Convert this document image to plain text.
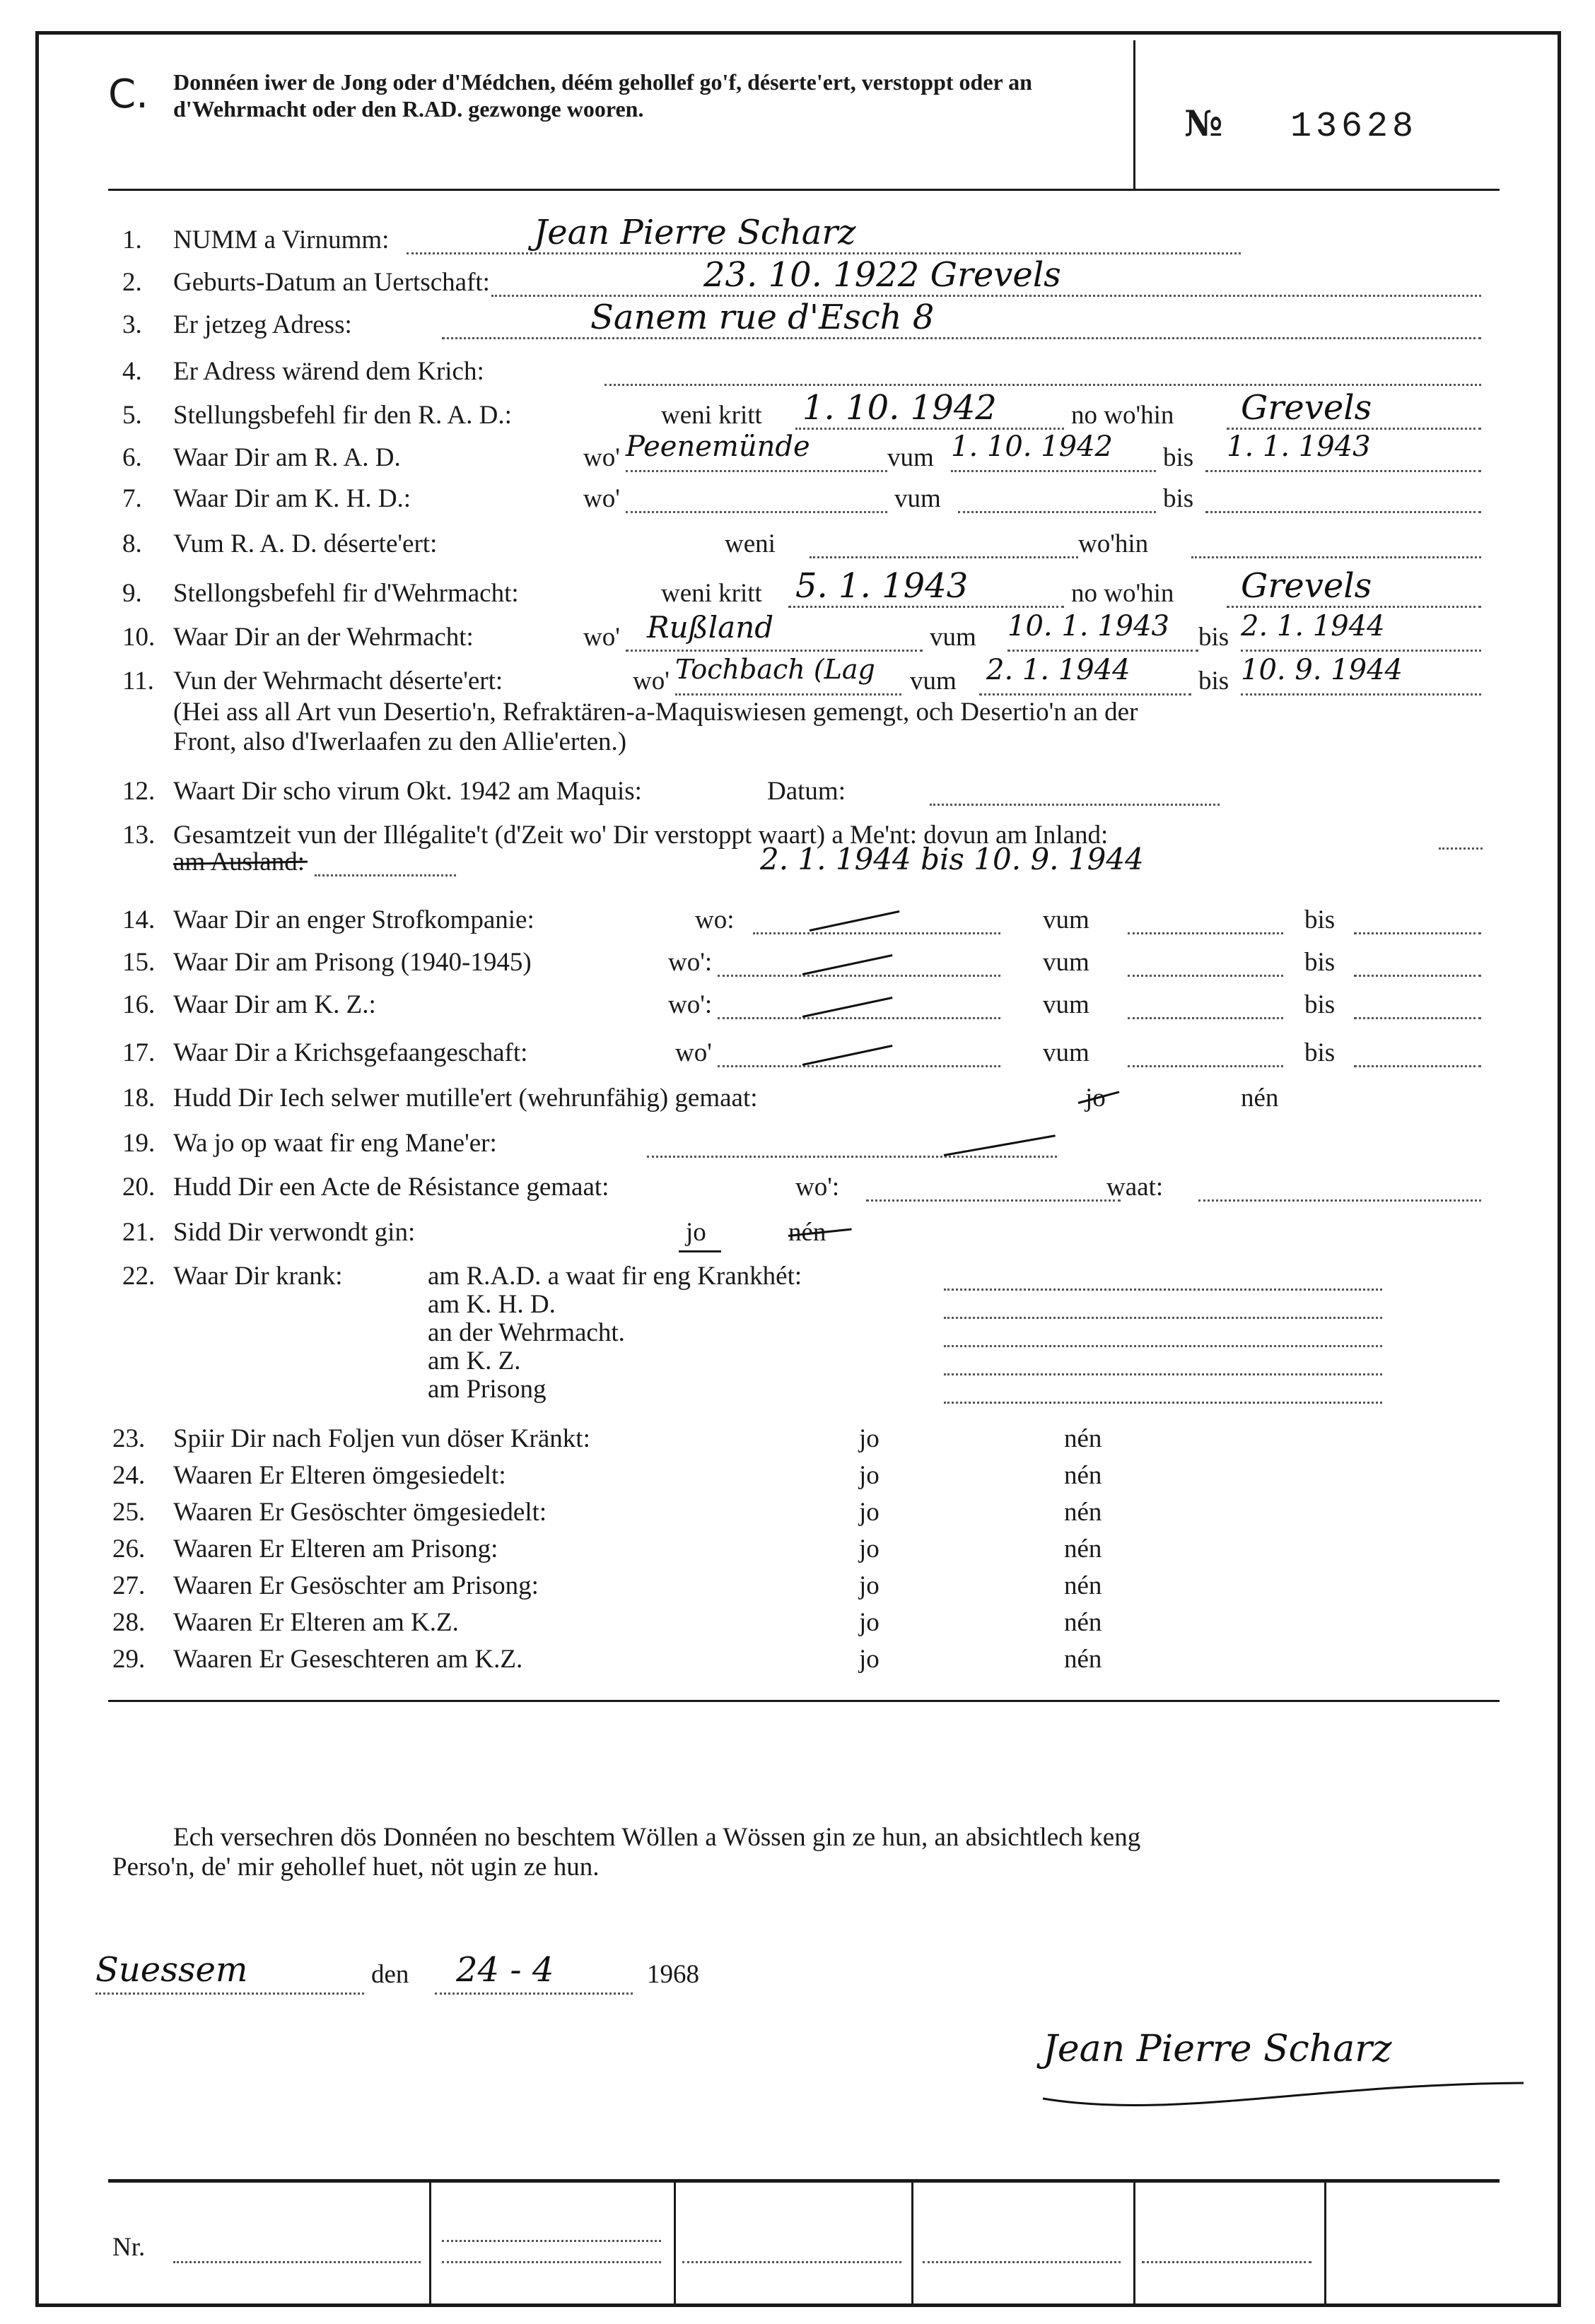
C. Donnéen iwer de Jong oder d'Médchen, déém gehollef go'f, déserte'ert, verstoppt oder an d'Wehrmacht oder den R.AD. gezwonge wooren.	№ 13628
1. NUMM a Virnumm:	Jean Pierre Scharz
2. Geburts-Datum an Uertschaft:	23. 10. 1922 Grevels
3. Er jetzeg Adress:	Sanem rue d'Esch 8
4. Er Adress wärend dem Krich:
5. Stellungsbefehl fir den R. A. D.:	weni kritt 1. 10. 1942	no wo'hin Grevels
6. Waar Dir am R. A. D.	wo' Peenemünde	vum 1. 10. 1942 bis 1. 1. 1943
7. Waar Dir am K. H. D.:	wo'	vum	bis
8. Vum R. A. D. déserte'ert:	weni	wo'hin
9. Stellongsbefehl fir d'Wehrmacht:	weni kritt 5. 1. 1943	no wo'hin Grevels
10. Waar Dir an der Wehrmacht:	wo' Rußland	vum 10. 1. 1943 bis 2. 1. 1944
11. Vun der Wehrmacht déserte'ert:	wo' Tochbach (Lag vum 2. 1. 1944	bis 10. 9. 1944
(Hei ass all Art vun Desertio'n, Refraktären-a-Maquiswiesen gemengt, och Desertio'n an der
Front, also d'Iwerlaafen zu den Allie'erten.)
12. Waart Dir scho virum Okt. 1942 am Maquis:	Datum:
13. Gesamtzeit vun der Illégalite't (d'Zeit wo' Dir verstoppt waart) a Me'nt: dovun am Inland:
am Ausland:	2. 1. 1944 bis 10. 9. 1944
14. Waar Dir an enger Strofkompanie:	wo:	vum	bis
15. Waar Dir am Prisong (1940-1945)	wo':	vum	bis
16. Waar Dir am K. Z.:	wo':	vum	bis
17. Waar Dir a Krichsgefaangeschaft:	wo'	vum	bis
18. Hudd Dir Iech selwer mutille'ert (wehrunfähig) gemaat:	jo	nén
19. Wa jo op waat fir eng Mane'er:
20. Hudd Dir een Acte de Résistance gemaat:	wo':	waat:
21. Sidd Dir verwondt gin:	jo	nén
22. Waar Dir krank:	am R.A.D. a waat fir eng Krankhét:
am K. H. D.
an der Wehrmacht.
am K. Z.
am Prisong
23. Spiir Dir nach Foljen vun döser Kränkt:	jo	nén
24. Waaren Er Elteren ömgesiedelt:	jo	nén
25. Waaren Er Gesöschter ömgesiedelt:	jo	nén
26. Waaren Er Elteren am Prisong:	jo	nén
27. Waaren Er Gesöschter am Prisong:	jo	nén
28. Waaren Er Elteren am K.Z.	jo	nén
29. Waaren Er Geseschteren am K.Z.	jo	nén
Ech versechren dös Donnéen no beschtem Wöllen a Wössen gin ze hun, an absichtlech keng
Perso'n, de' mir gehollef huet, nöt ugin ze hun.
Suessem	den 24 - 4	1968
Jean Pierre Scharz
Nr.
